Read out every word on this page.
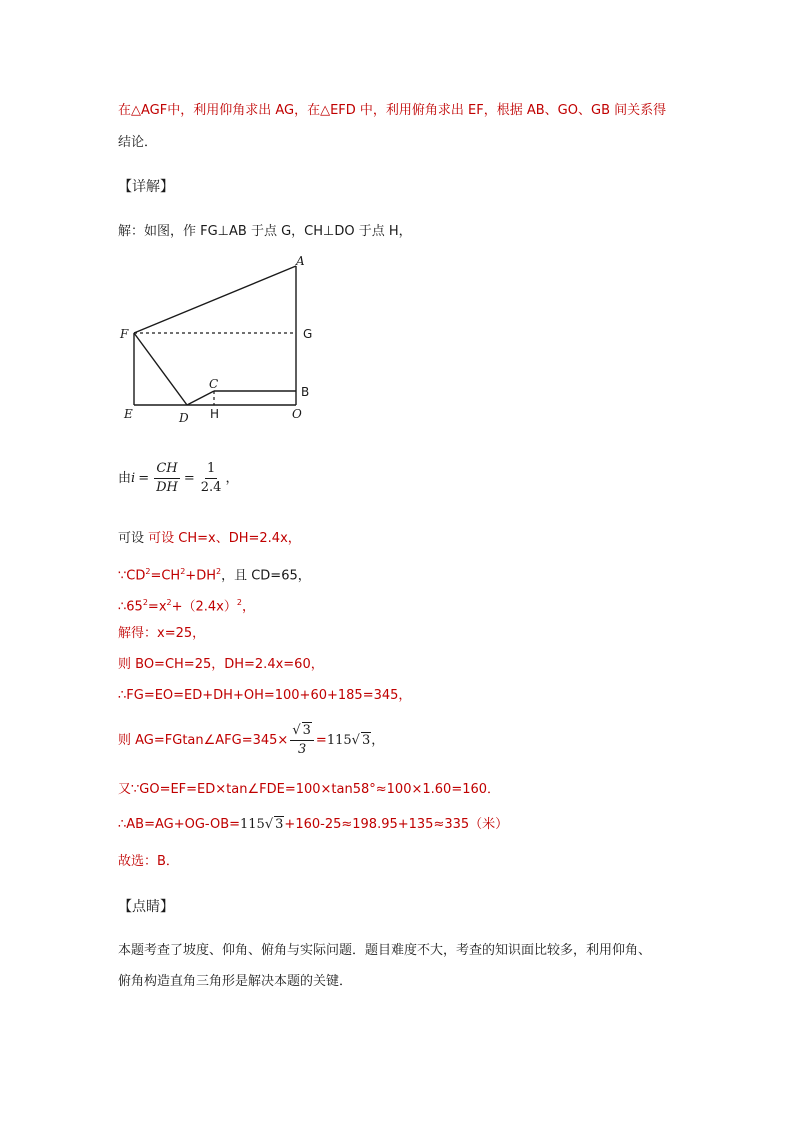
在△AGF中，利用仰角求出 AG，在△EFD 中，利用俯角求出 EF，根据 AB、GO、GB 间关系得
结论．
【详解】
解：如图，作 FG⊥AB 于点 G，CH⊥DO 于点 H，
A
F	G
C
B
E	D H	O
由$i = \frac{CH}{DH} = \frac{1}{2.4}$ ，
可设 可设 CH=x、DH=2.4x，
$\because CD^2=CH^2+DH^2$，且 CD=65，
$\therefore 65^2=x^2+(2.4x)^2$，
解得：x=25，
则 BO=CH=25，DH=2.4x=60，
∴FG=EO=ED+DH+OH=100+60+185=345，
则 AG=FGtan∠AFG=345× $\frac{√ 3}{3} =115√$ 3，
又∵GO=EF=ED×tan∠FDE=100×tan58°≈100×1.60=160．
∴AB=AG+OG-OB=115√ 3+160-25≈198.95+135≈335（米）
故选：B．
【点睛】
本题考查了坡度、仰角、俯角与实际问题．题目难度不大，考查的知识面比较多，利用仰角、
俯角构造直角三角形是解决本题的关键．
